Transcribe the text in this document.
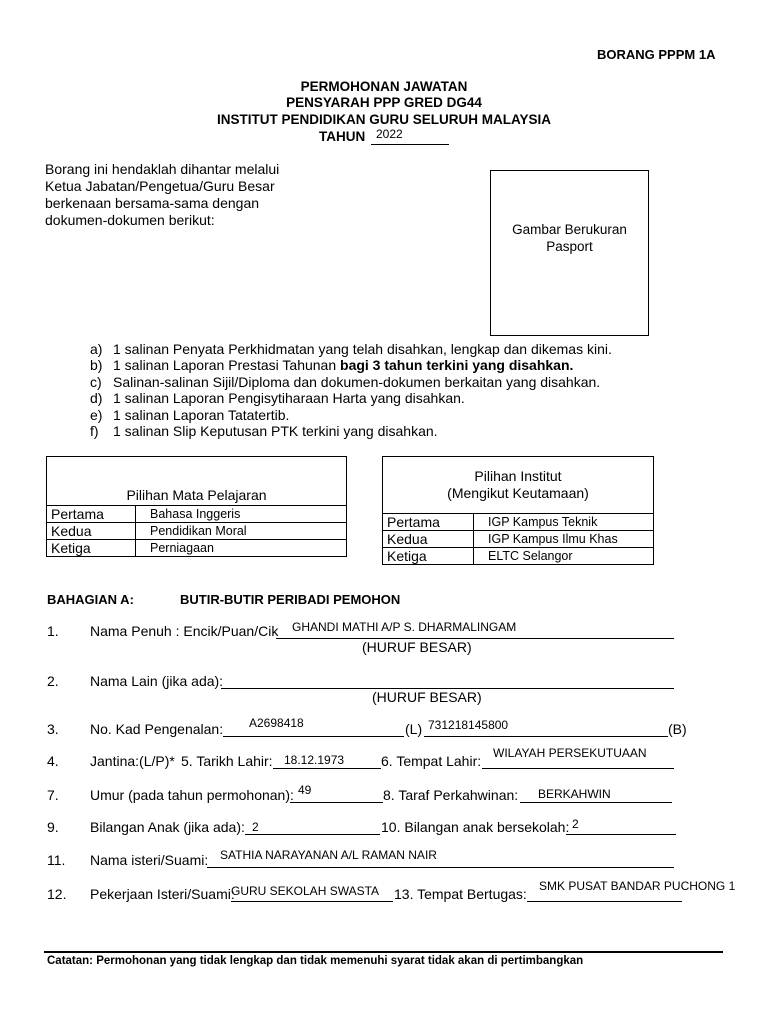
BORANG PPPM 1A
PERMOHONAN JAWATAN
PENSYARAH PPP GRED DG44
INSTITUT PENDIDIKAN GURU SELURUH MALAYSIA
TAHUN 2022
Borang ini hendaklah dihantar melalui
Ketua Jabatan/Pengetua/Guru Besar
berkenaan bersama-sama dengan
dokumen-dokumen berikut:
Gambar Berukuran
Pasport
a) 1 salinan Penyata Perkhidmatan yang telah disahkan, lengkap dan dikemas kini.
b) 1 salinan Laporan Prestasi Tahunan bagi 3 tahun terkini yang disahkan.
c) Salinan-salinan Sijil/Diploma dan dokumen-dokumen berkaitan yang disahkan.
d) 1 salinan Laporan Pengisytiharaan Harta yang disahkan.
e) 1 salinan Laporan Tatatertib.
f) 1 salinan Slip Keputusan PTK terkini yang disahkan.
Pilihan Mata Pelajaran	
Pertama	Bahasa Inggeris
Kedua	Pendidikan Moral
Ketiga	Perniagaan
Pilihan Institut
(Mengikut Keutamaan)	

Pertama	IGP Kampus Teknik
Kedua	IGP Kampus Ilmu Khas
Ketiga	ELTC Selangor
BAHAGIAN A:	BUTIR-BUTIR PERIBADI PEMOHON
1. Nama Penuh : Encik/Puan/Cik GHANDI MATHI A/P S. DHARMALINGAM
(HURUF BESAR)
2. Nama Lain (jika ada):
(HURUF BESAR)
3. No. Kad Pengenalan: A2698418	(L) 731218145800	(B)
4. Jantina:(L/P)* 5. Tarikh Lahir: 18.12.1973	6. Tempat Lahir: WILAYAH PERSEKUTUAAN
7. Umur (pada tahun permohonan): 49	8. Taraf Perkahwinan: BERKAHWIN
9. Bilangan Anak (jika ada): 2	10. Bilangan anak bersekolah: 2
11. Nama isteri/Suami: SATHIA NARAYANAN A/L RAMAN NAIR
12. Pekerjaan Isteri/Suami:
GURU SEKOLAH SWASTA 13. Tempat Bertugas: SMK PUSAT BANDAR PUCHONG 1
Catatan: Permohonan yang tidak lengkap dan tidak memenuhi syarat tidak akan di pertimbangkan
